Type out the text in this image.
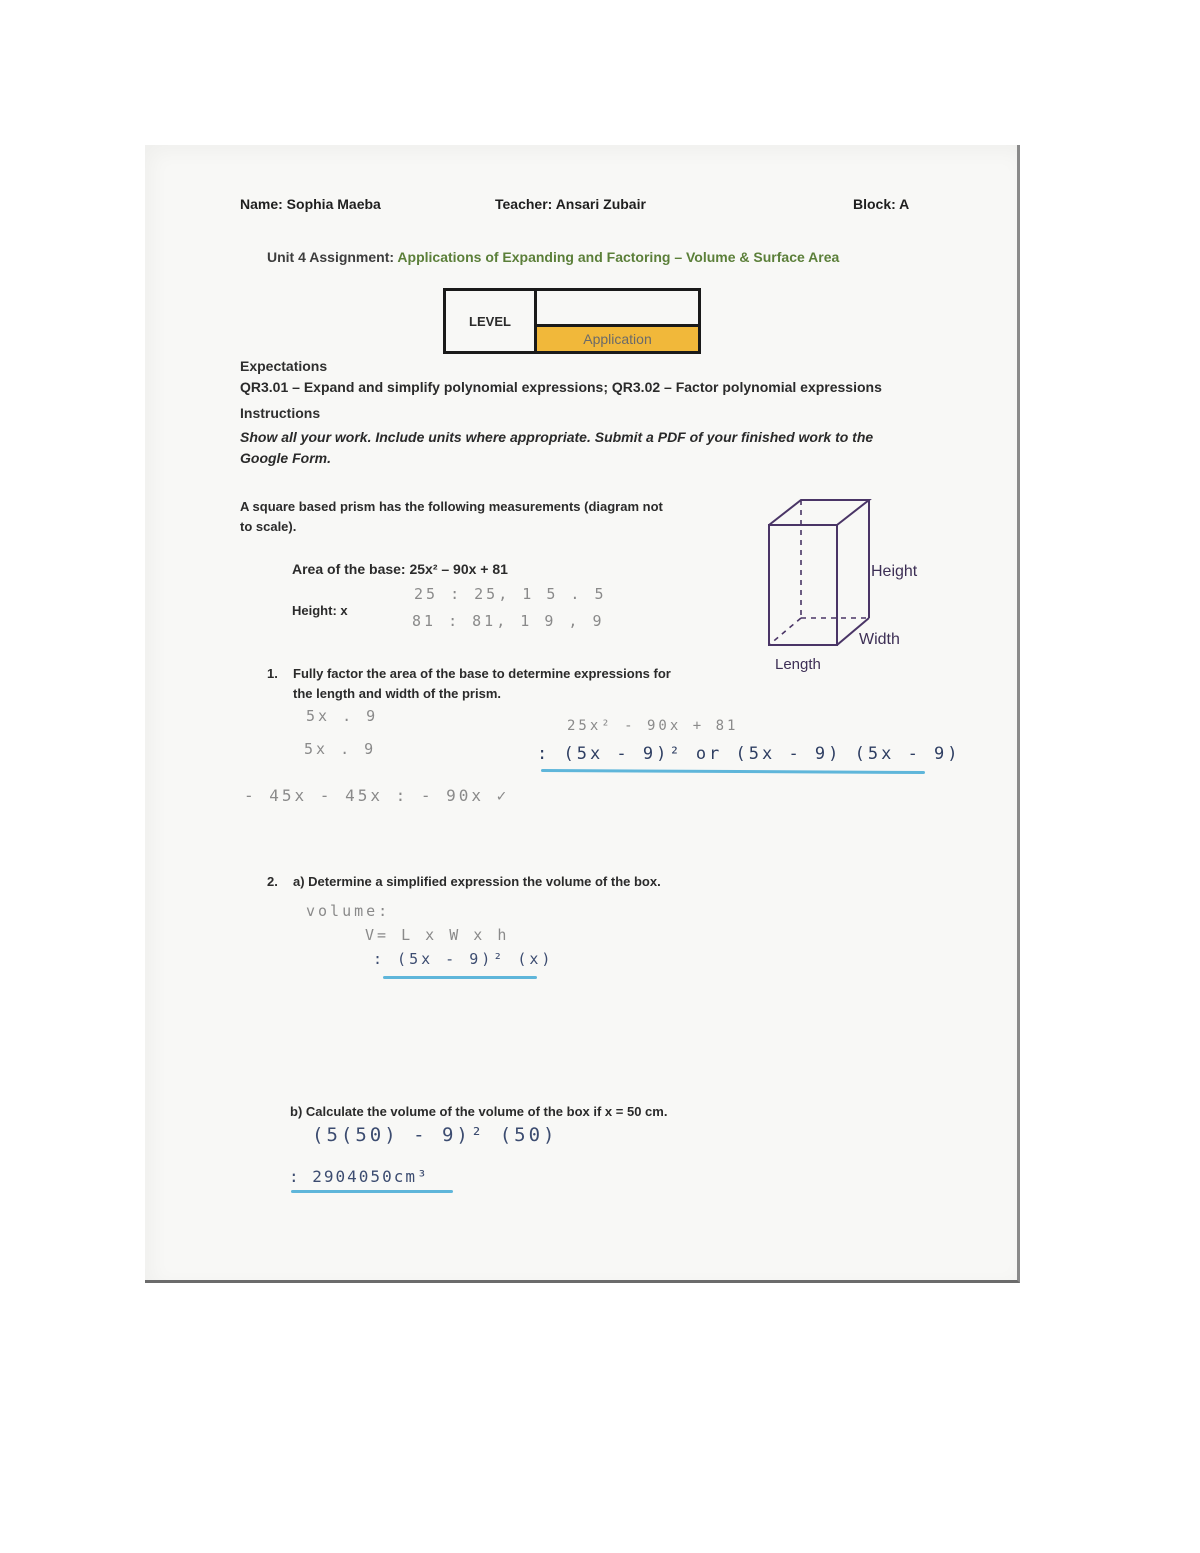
Name: Sophia Maeba	Teacher: Ansari Zubair	Block: A
Unit 4 Assignment: Applications of Expanding and Factoring – Volume & Surface Area
LEVEL
Application
Expectations
QR3.01 – Expand and simplify polynomial expressions; QR3.02 – Factor polynomial expressions
Instructions
Show all your work. Include units where appropriate. Submit a PDF of your finished work to the
Google Form.
A square based prism has the following measurements (diagram not
to scale).
Area of the base: 25x² – 90x + 81
Height: x
25 : 25, 1 5 . 5
81 : 81, 1 9 , 9
Height
Width
Length
1. Fully factor the area of the base to determine expressions for
the length and width of the prism.
5x . 9
5x . 9
25x² - 90x + 81
: (5x - 9)² or (5x - 9) (5x - 9)
- 45x - 45x : - 90x ✓
2. a) Determine a simplified expression the volume of the box.
volume:
V= L x W x h
: (5x - 9)² (x)
b) Calculate the volume of the volume of the box if x = 50 cm.
(5(50) - 9)² (50)
: 2904050cm³
